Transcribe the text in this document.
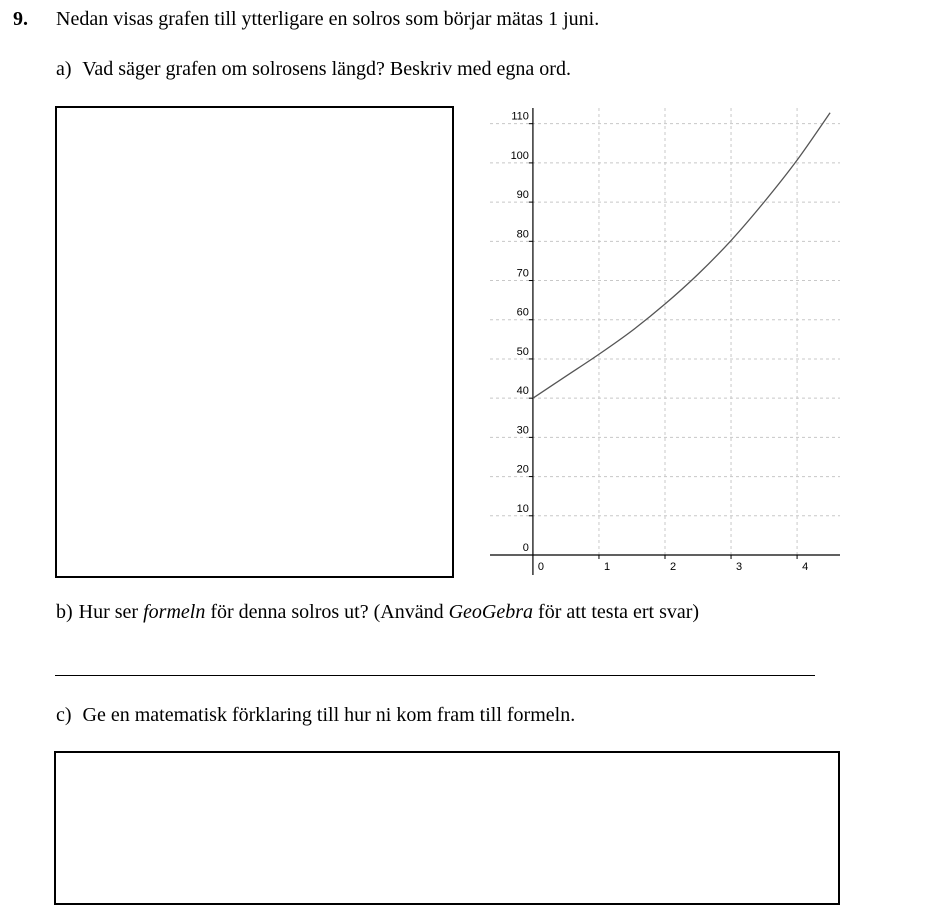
9. Nedan visas grafen till ytterligare en solros som börjar mätas 1 juni.
a) Vad säger grafen om solrosens längd? Beskriv med egna ord.
0
10
20
30
40
50
60
70
80
90
100
110
0	1	2	3	4
b) Hur ser formeln för denna solros ut? (Använd GeoGebra för att testa ert svar)
c) Ge en matematisk förklaring till hur ni kom fram till formeln.
